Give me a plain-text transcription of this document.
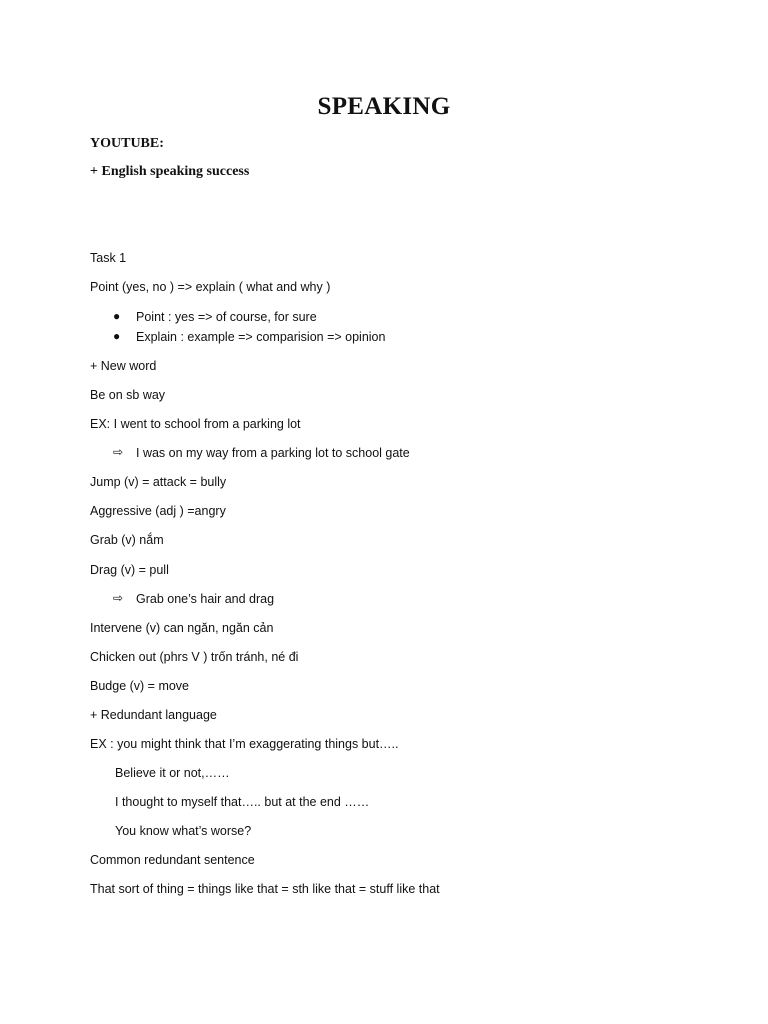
SPEAKING
YOUTUBE:
+ English speaking success
Task 1
Point (yes, no ) => explain ( what and why )
● Point : yes => of course, for sure
● Explain : example => comparision => opinion
+ New word
Be on sb way
EX: I went to school from a parking lot
⇨ I was on my way from a parking lot to school gate
Jump (v) = attack = bully
Aggressive (adj ) =angry
Grab (v) nắm
Drag (v) = pull
⇨ Grab one’s hair and drag
Intervene (v) can ngăn, ngăn cản
Chicken out (phrs V ) trốn tránh, né đi
Budge (v) = move
+ Redundant language
EX : you might think that I’m exaggerating things but…..
Believe it or not,……
I thought to myself that….. but at the end ……
You know what’s worse?
Common redundant sentence
That sort of thing = things like that = sth like that = stuff like that
